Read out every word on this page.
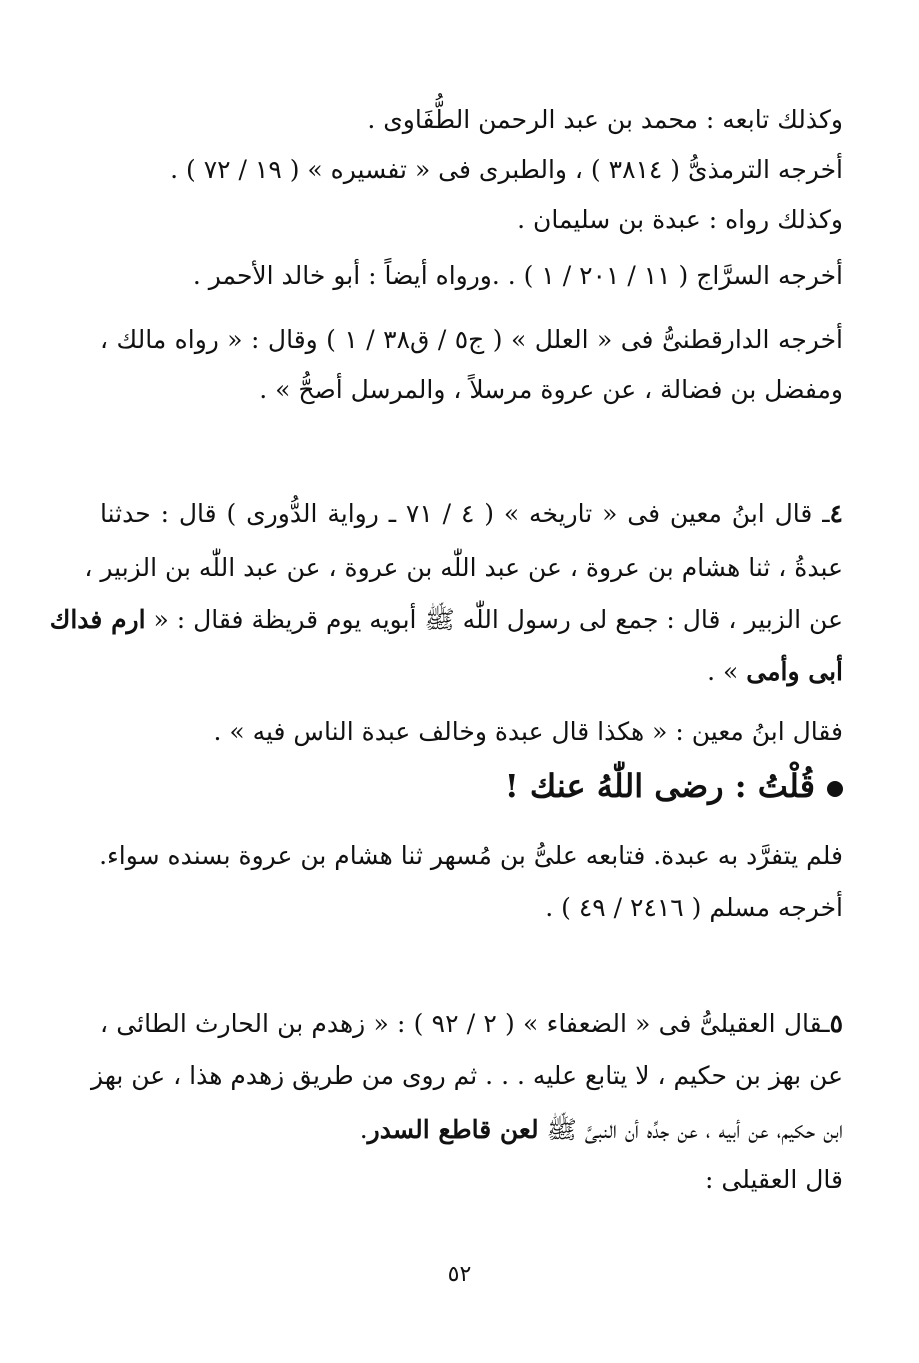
وكذلك تابعه : محمد بن عبد الرحمن الطُّفَاوى .
أخرجه الترمذىُّ ( ٣٨١٤ ) ، والطبرى فى « تفسيره » ( ١٩ / ٧٢ ) .
وكذلك رواه : عبدة بن سليمان .
أخرجه السرَّاج ( ١١ / ٢٠١ / ١ ) . .ورواه أيضاً : أبو خالد الأحمر .
أخرجه الدارقطنىُّ فى « العلل » ( ج٥ / ق٣٨ / ١ ) وقال : « رواه مالك ،
ومفضل بن فضالة ، عن عروة مرسلاً ، والمرسل أصحُّ » .
٤ـ قال ابنُ معين فى « تاريخه » ( ٤ / ٧١ ـ رواية الدُّورى ) قال : حدثنا
عبدةُ ، ثنا هشام بن عروة ، عن عبد اللّٰه بن عروة ، عن عبد اللّٰه بن الزبير ،
عن الزبير ، قال : جمع لى رسول اللّٰه ﷺ أبويه يوم قريظة فقال : « ارم فداك
أبى وأمى » .
فقال ابنُ معين : « هكذا قال عبدة وخالف عبدة الناس فيه » .
قُلْتُ : رضى اللّٰهُ عنك !
فلم يتفرَّد به عبدة. فتابعه علىُّ بن مُسهر ثنا هشام بن عروة بسنده سواء.
أخرجه مسلم ( ٢٤١٦ / ٤٩ ) .
٥ـقال العقيلىُّ فى « الضعفاء » ( ٢ / ٩٢ ) : « زهدم بن الحارث الطائى ،
عن بهز بن حكيم ، لا يتابع عليه . . . ثم روى من طريق زهدم هذا ، عن بهز
ابن حكيم، عن أبيه ، عن جدِّه أن النبىَّ ﷺ لعن قاطع السدر.
قال العقيلى :
٥٢
